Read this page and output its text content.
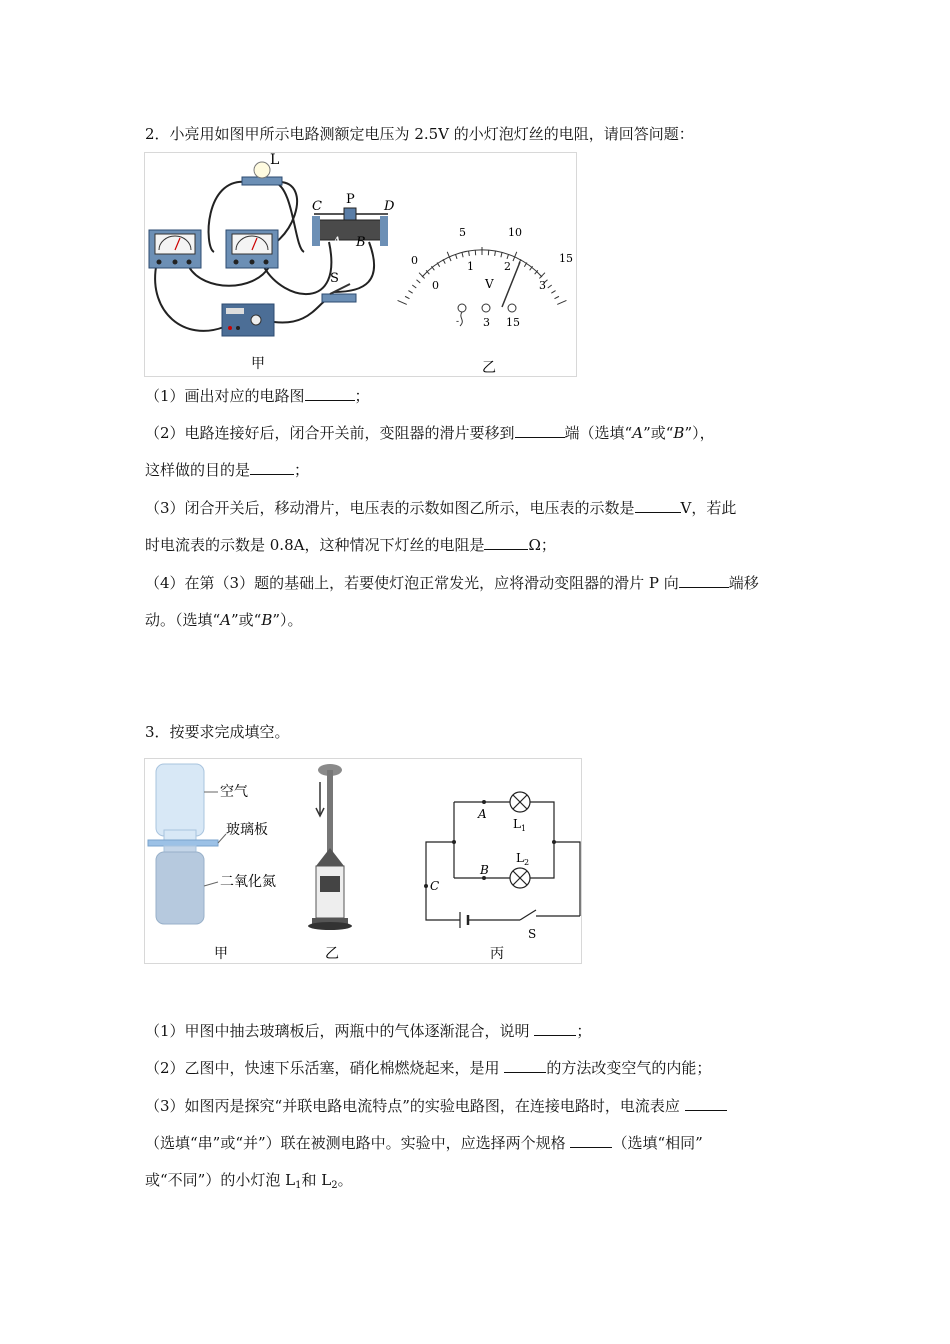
2．小亮用如图甲所示电路测额定电压为 2.5V 的小灯泡灯丝的电阻，请回答问题：
L
C P D
A B
S
0
5	10
15
0
1	2
3
V
- 3 15
甲	乙
（1）画出对应的电路图	；
（2）电路连接好后，闭合开关前，变阻器的滑片要移到	端（选填“A”或“B”），
这样做的目的是	；
（3）闭合开关后，移动滑片，电压表的示数如图乙所示，电压表的示数是	V，若此
时电流表的示数是 0.8A，这种情况下灯丝的电阻是	Ω；
（4）在第（3）题的基础上，若要使灯泡正常发光，应将滑动变阻器的滑片 P 向	端移
动。（选填“A”或“B”）。
3．按要求完成填空。
空气
玻璃板
二氧化氮
A
B
C
$L_1$
$L_2$
S
甲	乙	丙
（1）甲图中抽去玻璃板后，两瓶中的气体逐渐混合，说明	；
（2）乙图中，快速下乐活塞，硝化棉燃烧起来，是用	的方法改变空气的内能；
（3）如图丙是探究“并联电路电流特点”的实验电路图，在连接电路时，电流表应
（选填“串”或“并”）联在被测电路中。实验中，应选择两个规格	（选填“相同”
或“不同”）的小灯泡 $L_1$和 $L_2$。
